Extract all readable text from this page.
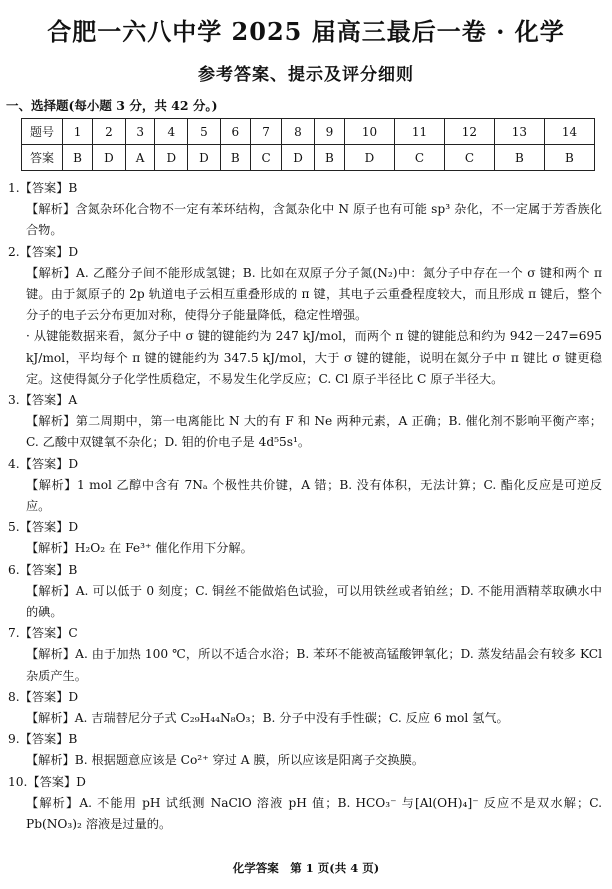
合肥一六八中学 2025 届高三最后一卷 · 化学
参考答案、提示及评分细则
一、选择题(每小题 3 分，共 42 分。)
题号	1	2	3	4	5	6	7	8	9	10	11	12	13	14
答案	B	D	A	D	D	B	C	D	B	D	C	C	B	B

1.【答案】B

【解析】含氮杂环化合物不一定有苯环结构，含氮杂化中 N 原子也有可能 sp³ 杂化，不一定属于芳香族化合物。

2.【答案】D

【解析】A. 乙醛分子间不能形成氢键；B. 比如在双原子分子氮(N₂)中：氮分子中存在一个 σ 键和两个 π 键。由于氮原子的 2p 轨道电子云相互重叠形成的 π 键，其电子云重叠程度较大，而且形成 π 键后，整个分子的电子云分布更加对称，使得分子能量降低，稳定性增强。

· 从键能数据来看，氮分子中 σ 键的键能约为 247 kJ/mol，而两个 π 键的键能总和约为 942－247=695 kJ/mol，平均每个 π 键的键能约为 347.5 kJ/mol，大于 σ 键的键能，说明在氮分子中 π 键比 σ 键更稳定。这使得氮分子化学性质稳定，不易发生化学反应；C. Cl 原子半径比 C 原子半径大。

3.【答案】A

【解析】第二周期中，第一电离能比 N 大的有 F 和 Ne 两种元素，A 正确；B. 催化剂不影响平衡产率；C. 乙酸中双键氧不杂化；D. 钼的价电子是 4d⁵5s¹。

4.【答案】D

【解析】1 mol 乙醇中含有 7Nₐ 个极性共价键，A 错；B. 没有体积，无法计算；C. 酯化反应是可逆反应。

5.【答案】D

【解析】H₂O₂ 在 Fe³⁺ 催化作用下分解。

6.【答案】B

【解析】A. 可以低于 0 刻度；C. 铜丝不能做焰色试验，可以用铁丝或者铂丝；D. 不能用酒精萃取碘水中的碘。

7.【答案】C

【解析】A. 由于加热 100 ℃，所以不适合水浴；B. 苯环不能被高锰酸钾氧化；D. 蒸发结晶会有较多 KCl 杂质产生。

8.【答案】D

【解析】A. 吉瑞替尼分子式 C₂₉H₄₄N₈O₃；B. 分子中没有手性碳；C. 反应 6 mol 氢气。

9.【答案】B

【解析】B. 根据题意应该是 Co²⁺ 穿过 A 膜，所以应该是阳离子交换膜。

10.【答案】D

【解析】A. 不能用 pH 试纸测 NaClO 溶液 pH 值；B. HCO₃⁻ 与[Al(OH)₄]⁻ 反应不是双水解；C. Pb(NO₃)₂ 溶液是过量的。

化学答案　第 1 页(共 4 页)
